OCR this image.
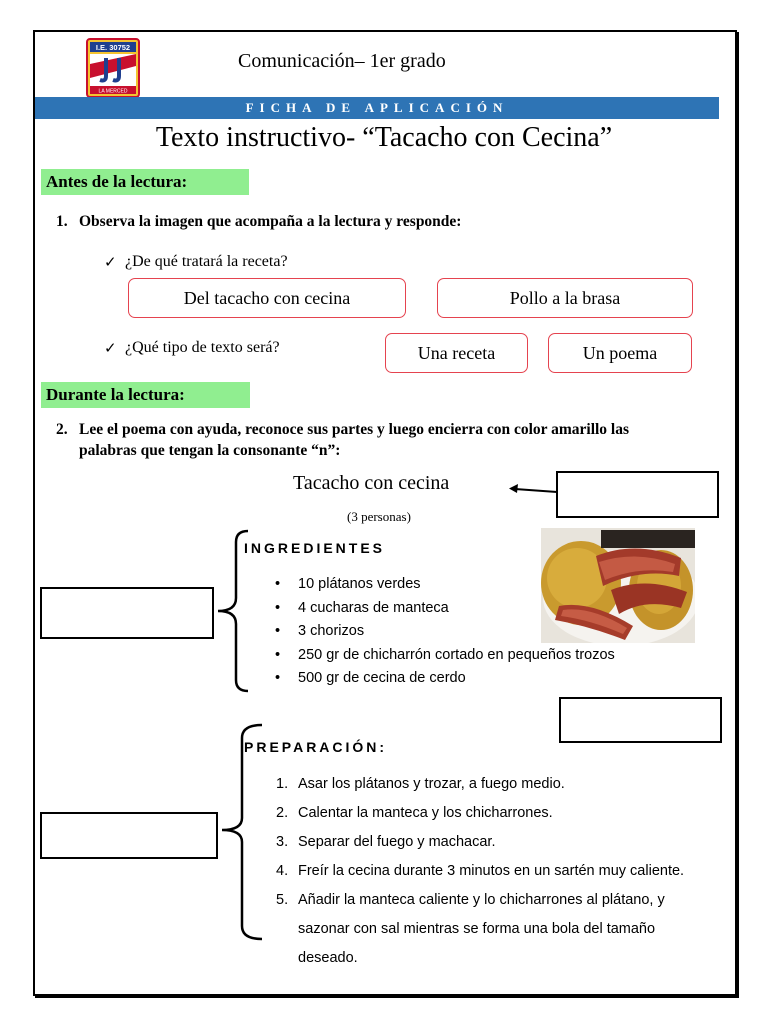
I.E. 30752
LA MERCED
Comunicación– 1er grado
FICHA DE APLICACIÓN
Texto instructivo- “Tacacho con Cecina”
Antes de la lectura:
1. Observa la imagen que acompaña a la lectura y responde:
✓ ¿De qué tratará la receta?
Del tacacho con cecina	Pollo a la brasa
✓ ¿Qué tipo de texto será?	Una receta	Un poema
Durante la lectura:
2. Lee el poema con ayuda, reconoce sus partes y luego encierra con color amarillo las
palabras que tengan la consonante “n”:
Tacacho con cecina
(3 personas)
INGREDIENTES
• 10 plátanos verdes
• 4 cucharas de manteca
• 3 chorizos
• 250 gr de chicharrón cortado en pequeños trozos
• 500 gr de cecina de cerdo
PREPARACIÓN:
1. Asar los plátanos y trozar, a fuego medio.
2. Calentar la manteca y los chicharrones.
3. Separar del fuego y machacar.
4. Freír la cecina durante 3 minutos en un sartén muy caliente.
5. Añadir la manteca caliente y lo chicharrones al plátano, y sazonar con sal mientras se forma una bola del tamaño deseado.
